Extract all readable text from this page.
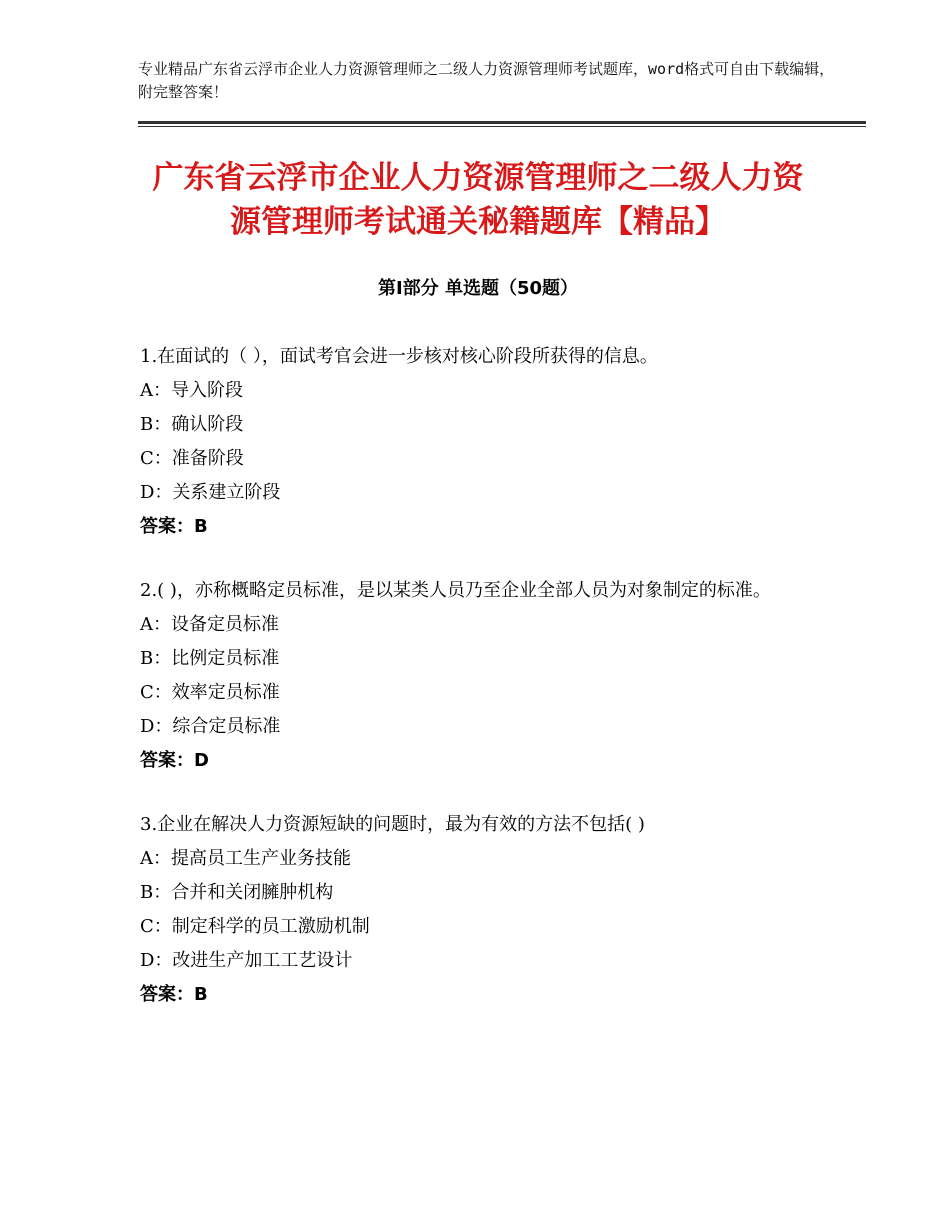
专业精品广东省云浮市企业人力资源管理师之二级人力资源管理师考试题库，word格式可自由下载编辑，附完整答案！
广东省云浮市企业人力资源管理师之二级人力资源管理师考试通关秘籍题库【精品】
第Ⅰ部分 单选题（50题）

1.在面试的（ ），面试考官会进一步核对核心阶段所获得的信息。

A：导入阶段

B：确认阶段

C：准备阶段

D：关系建立阶段

答案：B

2.( )，亦称概略定员标准，是以某类人员乃至企业全部人员为对象制定的标准。

A：设备定员标准

B：比例定员标准

C：效率定员标准

D：综合定员标准

答案：D

3.企业在解决人力资源短缺的问题时，最为有效的方法不包括( )

A：提高员工生产业务技能

B：合并和关闭臃肿机构

C：制定科学的员工激励机制

D：改进生产加工工艺设计

答案：B
